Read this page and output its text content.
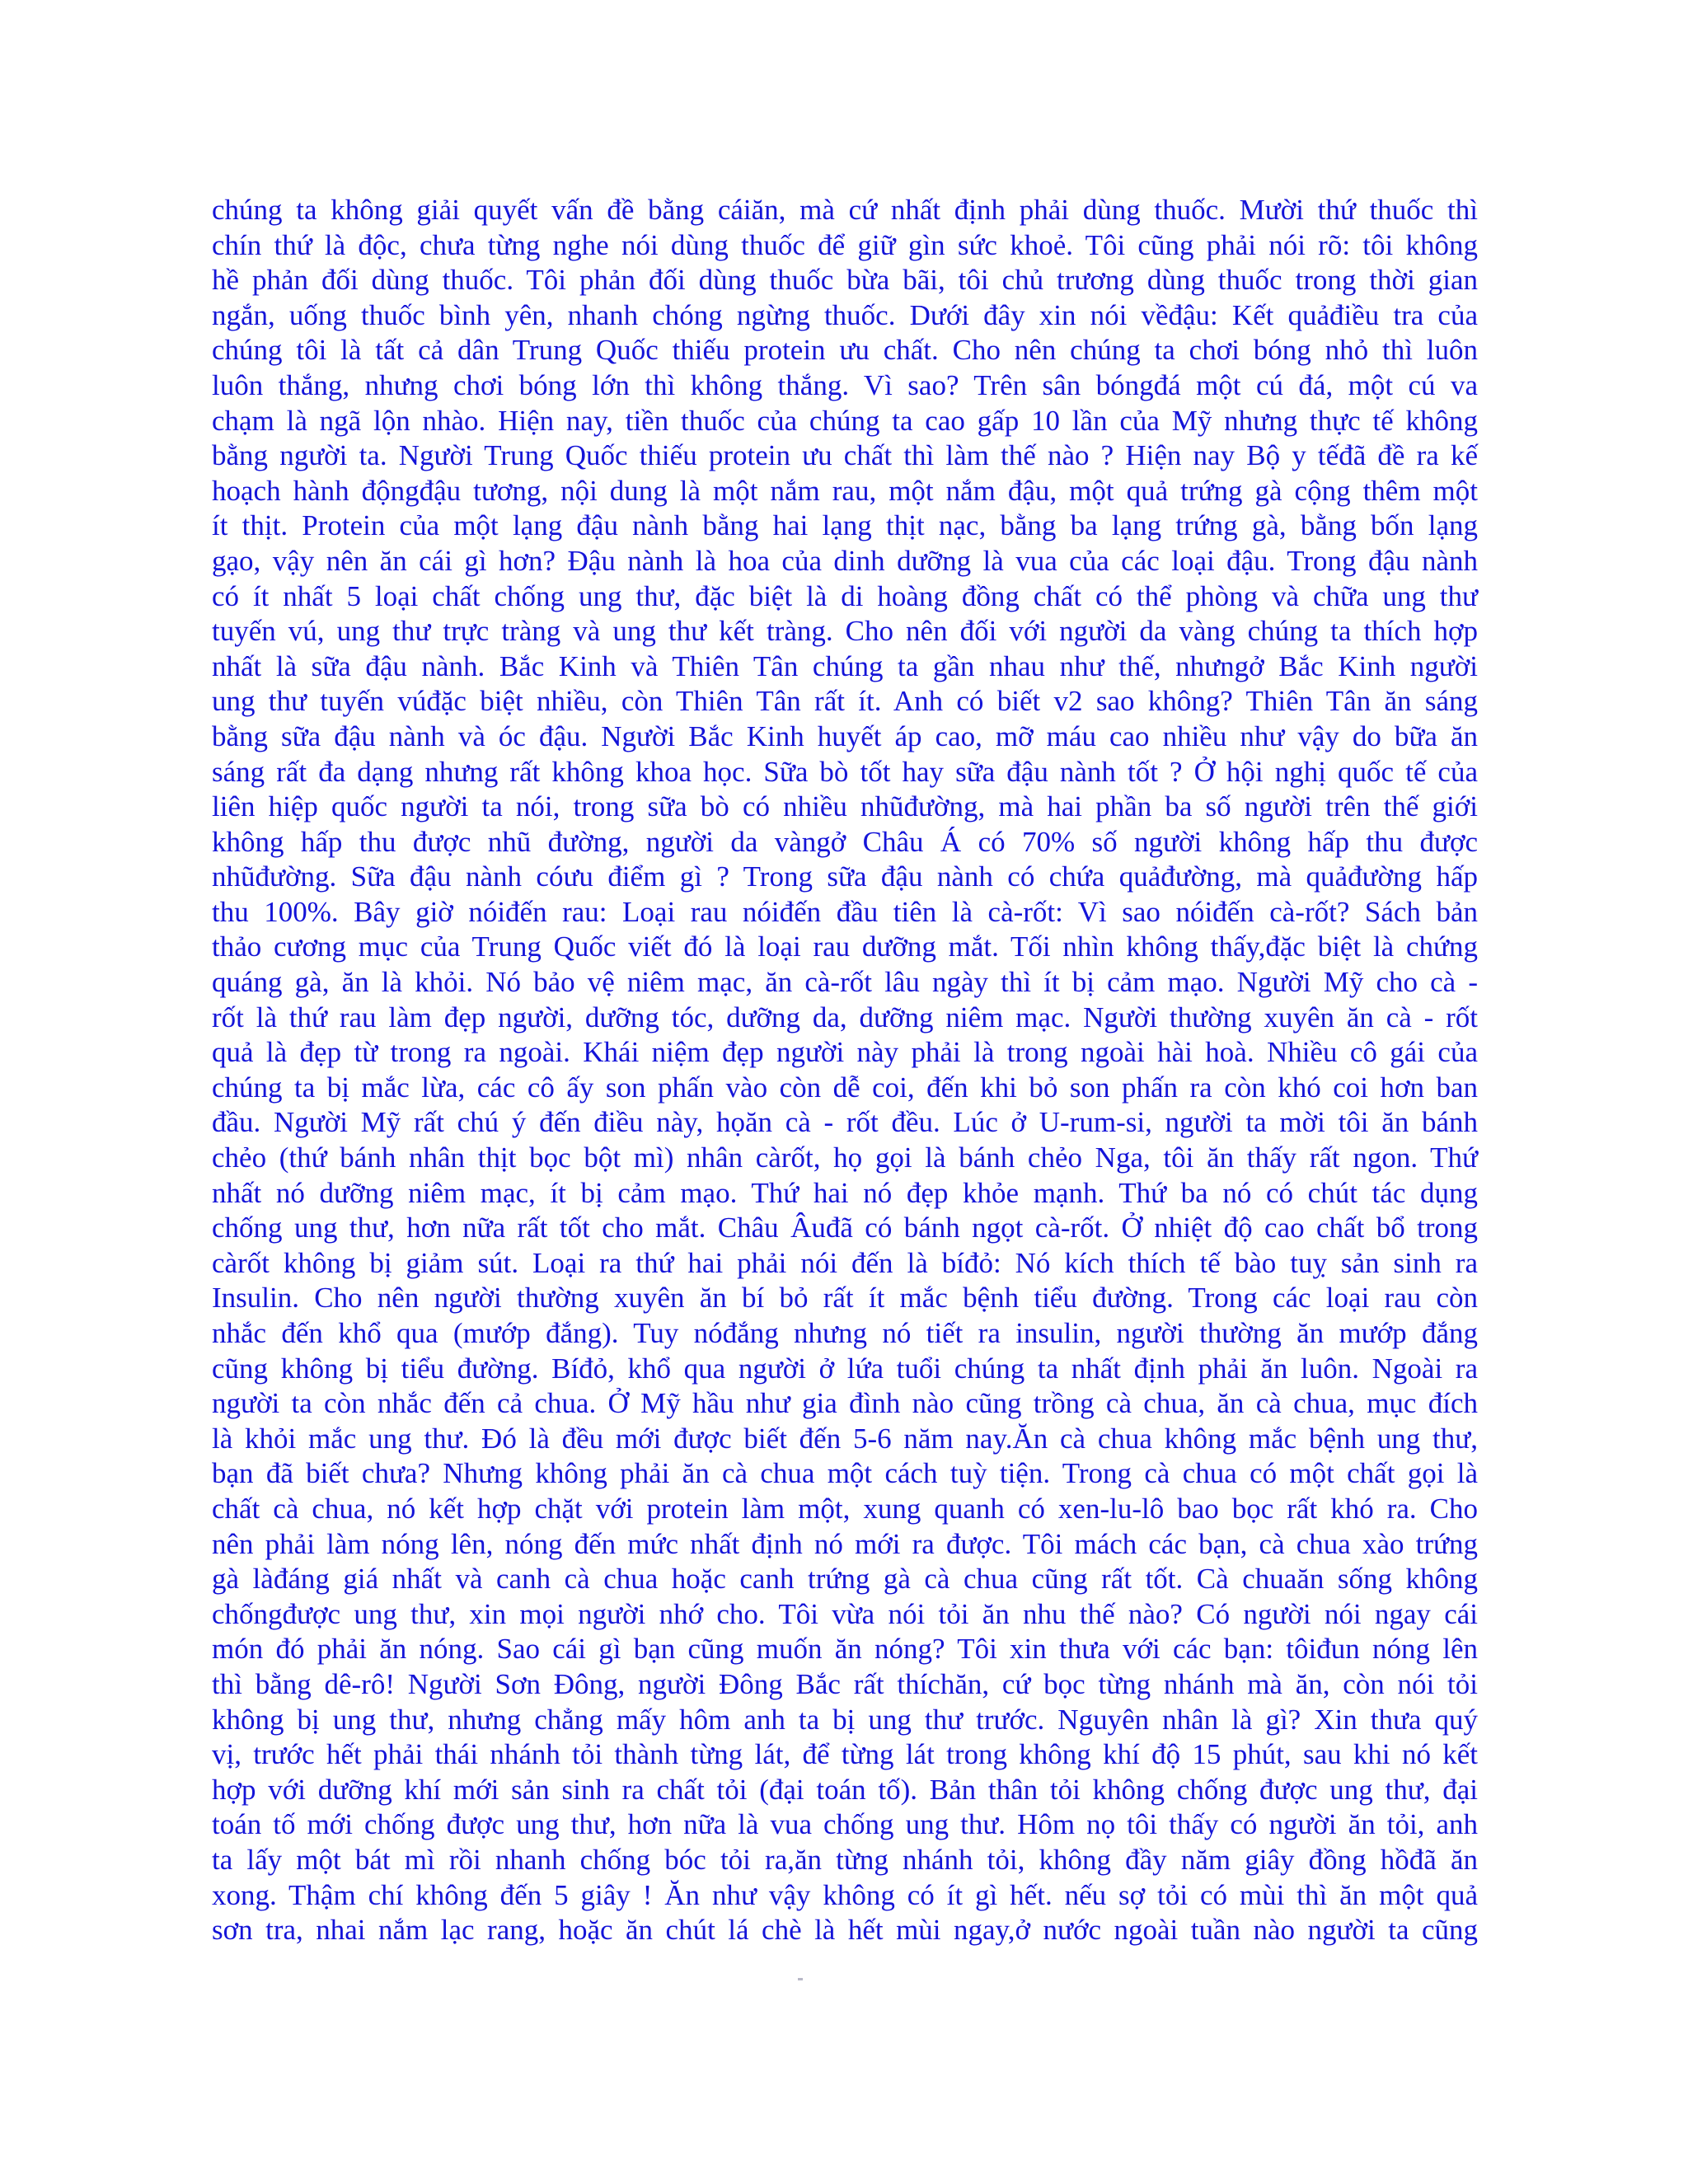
chúng ta không giải quyết vấn đề bằng cáiăn, mà cứ nhất định phải dùng thuốc. Mười thứ thuốc thì
chín thứ là độc, chưa từng nghe nói dùng thuốc để giữ gìn sức khoẻ. Tôi cũng phải nói rõ: tôi không
hề phản đối dùng thuốc. Tôi phản đối dùng thuốc bừa bãi, tôi chủ trương dùng thuốc trong thời gian
ngắn, uống thuốc bình yên, nhanh chóng ngừng thuốc. Dưới đây xin nói vềđậu: Kết quảđiều tra của
chúng tôi là tất cả dân Trung Quốc thiếu protein ưu chất. Cho nên chúng ta chơi bóng nhỏ thì luôn
luôn thắng, nhưng chơi bóng lớn thì không thắng. Vì sao? Trên sân bóngđá một cú đá, một cú va
chạm là ngã lộn nhào. Hiện nay, tiền thuốc của chúng ta cao gấp 10 lần của Mỹ nhưng thực tế không
bằng người ta. Người Trung Quốc thiếu protein ưu chất thì làm thế nào ? Hiện nay Bộ y tếđã đề ra kế
hoạch hành độngđậu tương, nội dung là một nắm rau, một nắm đậu, một quả trứng gà cộng thêm một
ít thịt. Protein của một lạng đậu nành bằng hai lạng thịt nạc, bằng ba lạng trứng gà, bằng bốn lạng
gạo, vậy nên ăn cái gì hơn? Đậu nành là hoa của dinh dưỡng là vua của các loại đậu. Trong đậu nành
có ít nhất 5 loại chất chống ung thư, đặc biệt là di hoàng đồng chất có thể phòng và chữa ung thư
tuyến vú, ung thư trực tràng và ung thư kết tràng. Cho nên đối với người da vàng chúng ta thích hợp
nhất là sữa đậu nành. Bắc Kinh và Thiên Tân chúng ta gần nhau như thế, nhưngở Bắc Kinh người
ung thư tuyến vúđặc biệt nhiều, còn Thiên Tân rất ít. Anh có biết v2 sao không? Thiên Tân ăn sáng
bằng sữa đậu nành và óc đậu. Người Bắc Kinh huyết áp cao, mỡ máu cao nhiều như vậy do bữa ăn
sáng rất đa dạng nhưng rất không khoa học. Sữa bò tốt hay sữa đậu nành tốt ? Ở hội nghị quốc tế của
liên hiệp quốc người ta nói, trong sữa bò có nhiều nhũđường, mà hai phần ba số người trên thế giới
không hấp thu được nhũ đường, người da vàngở Châu Á có 70% số người không hấp thu được
nhũđường. Sữa đậu nành cóưu điểm gì ? Trong sữa đậu nành có chứa quảđường, mà quảđường hấp
thu 100%. Bây giờ nóiđến rau: Loại rau nóiđến đầu tiên là cà-rốt: Vì sao nóiđến cà-rốt? Sách bản
thảo cương mục của Trung Quốc viết đó là loại rau dưỡng mắt. Tối nhìn không thấy,đặc biệt là chứng
quáng gà, ăn là khỏi. Nó bảo vệ niêm mạc, ăn cà-rốt lâu ngày thì ít bị cảm mạo. Người Mỹ cho cà -
rốt là thứ rau làm đẹp người, dưỡng tóc, dưỡng da, dưỡng niêm mạc. Người thường xuyên ăn cà - rốt
quả là đẹp từ trong ra ngoài. Khái niệm đẹp người này phải là trong ngoài hài hoà. Nhiều cô gái của
chúng ta bị mắc lừa, các cô ấy son phấn vào còn dễ coi, đến khi bỏ son phấn ra còn khó coi hơn ban
đầu. Người Mỹ rất chú ý đến điều này, họăn cà - rốt đều. Lúc ở U-rum-si, người ta mời tôi ăn bánh
chẻo (thứ bánh nhân thịt bọc bột mì) nhân càrốt, họ gọi là bánh chẻo Nga, tôi ăn thấy rất ngon. Thứ
nhất nó dưỡng niêm mạc, ít bị cảm mạo. Thứ hai nó đẹp khỏe mạnh. Thứ ba nó có chút tác dụng
chống ung thư, hơn nữa rất tốt cho mắt. Châu Âuđã có bánh ngọt cà-rốt. Ở nhiệt độ cao chất bổ trong
càrốt không bị giảm sút. Loại ra thứ hai phải nói đến là bíđỏ: Nó kích thích tế bào tuỵ sản sinh ra
Insulin. Cho nên người thường xuyên ăn bí bỏ rất ít mắc bệnh tiểu đường. Trong các loại rau còn
nhắc đến khổ qua (mướp đắng). Tuy nóđắng nhưng nó tiết ra insulin, người thường ăn mướp đắng
cũng không bị tiểu đường. Bíđỏ, khổ qua người ở lứa tuổi chúng ta nhất định phải ăn luôn. Ngoài ra
người ta còn nhắc đến cả chua. Ở Mỹ hầu như gia đình nào cũng trồng cà chua, ăn cà chua, mục đích
là khỏi mắc ung thư. Đó là đều mới được biết đến 5-6 năm nay.Ăn cà chua không mắc bệnh ung thư,
bạn đã biết chưa? Nhưng không phải ăn cà chua một cách tuỳ tiện. Trong cà chua có một chất gọi là
chất cà chua, nó kết hợp chặt với protein làm một, xung quanh có xen-lu-lô bao bọc rất khó ra. Cho
nên phải làm nóng lên, nóng đến mức nhất định nó mới ra được. Tôi mách các bạn, cà chua xào trứng
gà làđáng giá nhất và canh cà chua hoặc canh trứng gà cà chua cũng rất tốt. Cà chuaăn sống không
chốngđược ung thư, xin mọi người nhớ cho. Tôi vừa nói tỏi ăn nhu thế nào? Có người nói ngay cái
món đó phải ăn nóng. Sao cái gì bạn cũng muốn ăn nóng? Tôi xin thưa với các bạn: tôiđun nóng lên
thì bằng dê-rô! Người Sơn Đông, người Đông Bắc rất thíchăn, cứ bọc từng nhánh mà ăn, còn nói tỏi
không bị ung thư, nhưng chẳng mấy hôm anh ta bị ung thư trước. Nguyên nhân là gì? Xin thưa quý
vị, trước hết phải thái nhánh tỏi thành từng lát, để từng lát trong không khí độ 15 phút, sau khi nó kết
hợp với dưỡng khí mới sản sinh ra chất tỏi (đại toán tố). Bản thân tỏi không chống được ung thư, đại
toán tố mới chống được ung thư, hơn nữa là vua chống ung thư. Hôm nọ tôi thấy có người ăn tỏi, anh
ta lấy một bát mì rồi nhanh chống bóc tỏi ra,ăn từng nhánh tỏi, không đầy năm giây đồng hồđã ăn
xong. Thậm chí không đến 5 giây ! Ăn như vậy không có ít gì hết. nếu sợ tỏi có mùi thì ăn một quả
sơn tra, nhai nắm lạc rang, hoặc ăn chút lá chè là hết mùi ngay,ở nước ngoài tuần nào người ta cũng
